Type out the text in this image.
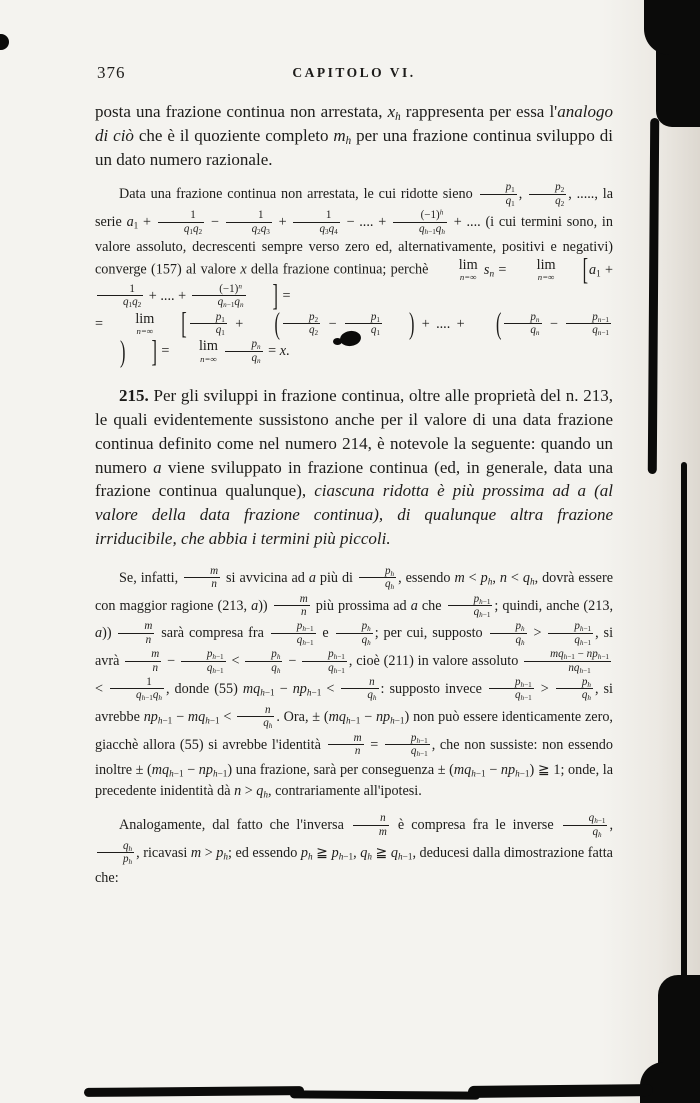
376	CAPITOLO VI.

posta una frazione continua non arrestata, $x_h$ rappresenta per essa l'analogo di ciò che è il quoziente completo $m_h$ per una frazione continua sviluppo di un dato numero razionale.

Data una frazione continua non arrestata, le cui ridotte sieno $\frac{p_1}{q_1}$ , $\frac{p_2}{q_2}$ , ....., la serie $a_1 + \frac{1}{q_1q_2} - \frac{1}{q_2q_3} + \frac{1}{q_3q_4}$ − .... + $\frac{(-1)^h}{q_{h-1}q_h}$ + .... (i cui termini sono, in valore assoluto, decrescenti sempre verso zero ed, alternativamente, positivi e negativi) converge (157) al valore x della frazione continua; perchè	lim
n=∞ $s_n$ =	lim
n=∞ [$a_1$ +
$\frac{1}{q_1q_2}$ + .... + $\frac{(-1)^n}{q_{n-1}q_n}$ ] =
=	lim
n=∞ [ $\frac{p_1}{q_1}$ + ( $\frac{p_2}{q_2} - \frac{p_1}{q_1}$ ) + .... + ( $\frac{p_n}{q_n} - \frac{p_{n-1}}{q_{n-1}}$
) ] =	lim
n=∞
$\frac{p_n}{q_n} = x$.

215. Per gli sviluppi in frazione continua, oltre alle proprietà del n. 213, le quali evidentemente sussistono anche per il valore di una data frazione continua definito come nel numero 214, è notevole la seguente: quando un numero a viene sviluppato in frazione continua (ed, in generale, data una frazione continua qualunque), ciascuna ridotta è più prossima ad a (al valore della data frazione continua), di qualunque altra frazione irriducibile, che abbia i termini più piccoli.

Se, infatti, $\frac{m}{n}$ si avvicina ad a più di $\frac{p_h}{q_h}$ , essendo $m < p_h$, $n < q_h$, dovrà essere con maggior ragione (213, $a)) \frac{m}{n}$ più prossima ad a che $\frac{p_{h-1}}{q_{h-1}}$ ; quindi, anche (213, $a)) \frac{m}{n}$ sarà compresa fra $\frac{p_{h-1}}{q_{h-1}}$ e $\frac{p_h}{q_h}$ ; per cui, supposto $\frac{p_h}{q_h} > \frac{p_{h-1}}{q_{h-1}}$ , si avrà $\frac{m}{n} - \frac{p_{h-1}}{q_{h-1}} < \frac{p_h}{q_h} - \frac{p_{h-1}}{q_{h-1}}$ , cioè (211) in valore assoluto $\frac{mq_{h-1} - np_{h-1}}{nq_{h-1}}$
< $\frac{1}{q_{h-1}q_h}$ , donde (55) $mq_{h-1} - np_{h-1} < \frac{n}{q_h}$ : supposto invece $\frac{p_{h-1}}{q_{h-1}} > \frac{p_h}{q_h}$ , si avrebbe $np_{h-1} - mq_{h-1} < \frac{n}{q_h}$ . Ora, ± $(mq_{h-1} - np_{h-1})$ non può essere identicamente zero, giacchè allora (55) si avrebbe l'identità $\frac{m}{n} = \frac{p_{h-1}}{q_{h-1}}$ , che non sussiste: non essendo inoltre ± $(mq_{h-1} - np_{h-1})$ una frazione, sarà per conseguenza ± $(mq_{h-1} - np_{h-1})$ ≧ 1; onde, la precedente inidentità dà $n > q_h$, contrariamente all'ipotesi.

Analogamente, dal fatto che l'inversa $\frac{n}{m}$ è compresa fra le inverse $\frac{q_{h-1}}{q_h}$ ,
$\frac{q_h}{p_h}$ , ricavasi $m > p_h$; ed essendo $p_h$ ≧ $p_{h-1}$, $q_h$ ≧ $q_{h-1}$, deducesi dalla dimostrazione fatta che:
